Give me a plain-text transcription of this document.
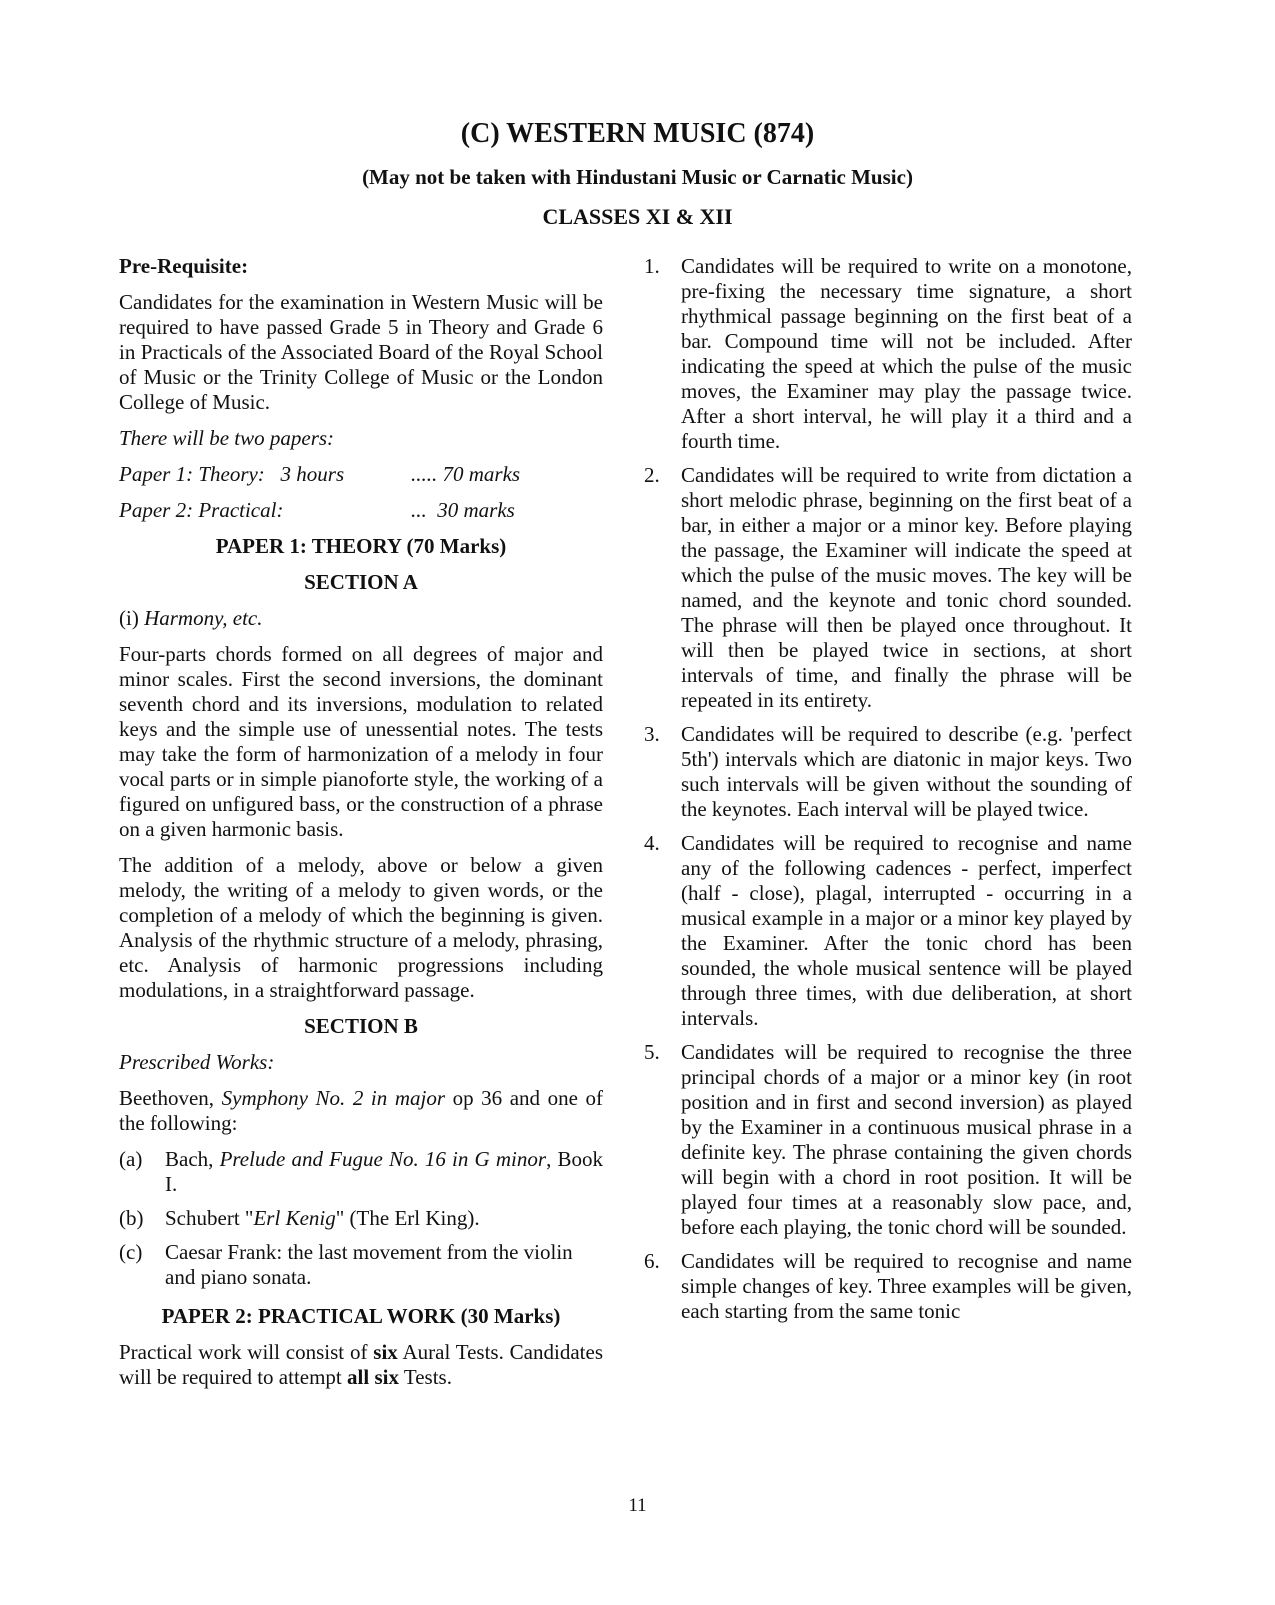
(C) WESTERN MUSIC (874)
(May not be taken with Hindustani Music or Carnatic Music)
CLASSES XI & XII

Pre-Requisite:

Candidates for the examination in Western Music will be required to have passed Grade 5 in Theory and Grade 6 in Practicals of the Associated Board of the Royal School of Music or the Trinity College of Music or the London College of Music.

There will be two papers:

Paper 1: Theory:   3 hours	..... 70 marks
Paper 2: Practical:	...  30 marks

PAPER 1: THEORY (70 Marks)

SECTION A

(i) Harmony, etc.

Four-parts chords formed on all degrees of major and minor scales. First the second inversions, the dominant seventh chord and its inversions, modulation to related keys and the simple use of unessential notes. The tests may take the form of harmonization of a melody in four vocal parts or in simple pianoforte style, the working of a figured on unfigured bass, or the construction of a phrase on a given harmonic basis.

The addition of a melody, above or below a given melody, the writing of a melody to given words, or the completion of a melody of which the beginning is given. Analysis of the rhythmic structure of a melody, phrasing, etc. Analysis of harmonic progressions including modulations, in a straightforward passage.

SECTION B

Prescribed Works:

Beethoven, Symphony No. 2 in major op 36 and one of the following:

(a)	Bach, Prelude and Fugue No. 16 in G minor, Book I.
(b)	Schubert "Erl Kenig" (The Erl King).
(c)	Caesar Frank: the last movement from the violin and piano sonata.

PAPER 2: PRACTICAL WORK (30 Marks)

Practical work will consist of six Aural Tests. Candidates will be required to attempt all six Tests.

1.	Candidates will be required to write on a monotone, pre-fixing the necessary time signature, a short rhythmical passage beginning on the first beat of a bar. Compound time will not be included. After indicating the speed at which the pulse of the music moves, the Examiner may play the passage twice. After a short interval, he will play it a third and a fourth time.
2.	Candidates will be required to write from dictation a short melodic phrase, beginning on the first beat of a bar, in either a major or a minor key. Before playing the passage, the Examiner will indicate the speed at which the pulse of the music moves. The key will be named, and the keynote and tonic chord sounded. The phrase will then be played once throughout. It will then be played twice in sections, at short intervals of time, and finally the phrase will be repeated in its entirety.
3.	Candidates will be required to describe (e.g. 'perfect 5th') intervals which are diatonic in major keys. Two such intervals will be given without the sounding of the keynotes. Each interval will be played twice.
4.	Candidates will be required to recognise and name any of the following cadences - perfect, imperfect (half - close), plagal, interrupted - occurring in a musical example in a major or a minor key played by the Examiner. After the tonic chord has been sounded, the whole musical sentence will be played through three times, with due deliberation, at short intervals.
5.	Candidates will be required to recognise the three principal chords of a major or a minor key (in root position and in first and second inversion) as played by the Examiner in a continuous musical phrase in a definite key. The phrase containing the given chords will begin with a chord in root position. It will be played four times at a reasonably slow pace, and, before each playing, the tonic chord will be sounded.
6.	Candidates will be required to recognise and name simple changes of key. Three examples will be given, each starting from the same tonic
11
